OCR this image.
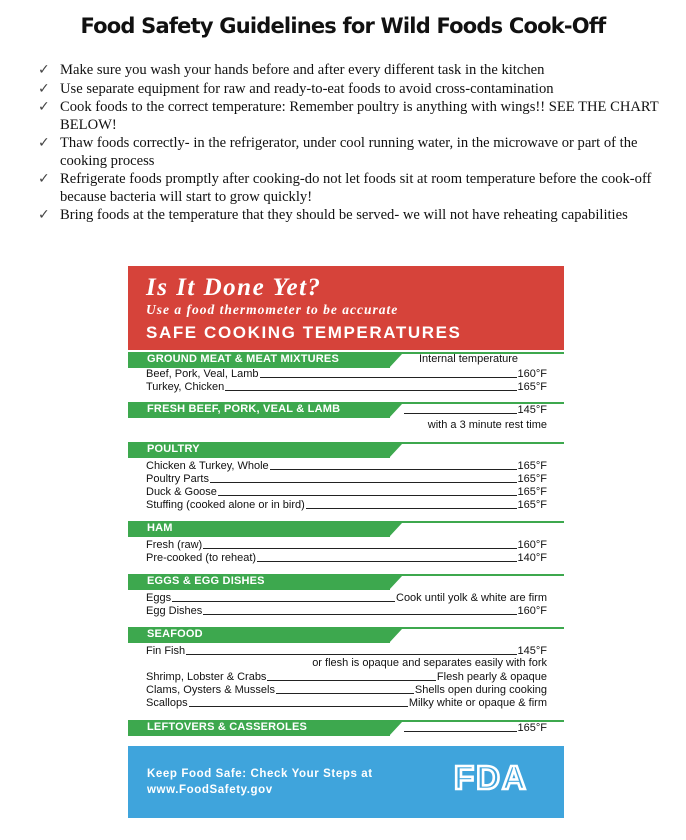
Food Safety Guidelines for Wild Foods Cook-Off
✓ Make sure you wash your hands before and after every different task in the kitchen
✓ Use separate equipment for raw and ready-to-eat foods to avoid cross-contamination
✓ Cook foods to the correct temperature: Remember poultry is anything with wings!! SEE THE CHART BELOW!
✓ Thaw foods correctly- in the refrigerator, under cool running water, in the microwave or part of the cooking process
✓ Refrigerate foods promptly after cooking-do not let foods sit at room temperature before the cook-off because bacteria will start to grow quickly!
✓ Bring foods at the temperature that they should be served- we will not have reheating capabilities
Is It Done Yet?
Use a food thermometer to be accurate
SAFE COOKING TEMPERATURES
GROUND MEAT & MEAT MIXTURES	Internal temperature
Beef, Pork, Veal, Lamb	160°F
Turkey, Chicken	165°F
FRESH BEEF, PORK, VEAL & LAMB	145°F
with a 3 minute rest time
POULTRY
Chicken & Turkey, Whole	165°F
Poultry Parts	165°F
Duck & Goose	165°F
Stuffing (cooked alone or in bird)	165°F
HAM
Fresh (raw)	160°F
Pre-cooked (to reheat)	140°F
EGGS & EGG DISHES
Eggs	Cook until yolk & white are firm
Egg Dishes	160°F
SEAFOOD
Fin Fish	145°F
or flesh is opaque and separates easily with fork
Shrimp, Lobster & Crabs	Flesh pearly & opaque
Clams, Oysters & Mussels	Shells open during cooking
Scallops	Milky white or opaque & firm
LEFTOVERS & CASSEROLES	165°F
Keep Food Safe: Check Your Steps at
www.FoodSafety.gov	FDA
